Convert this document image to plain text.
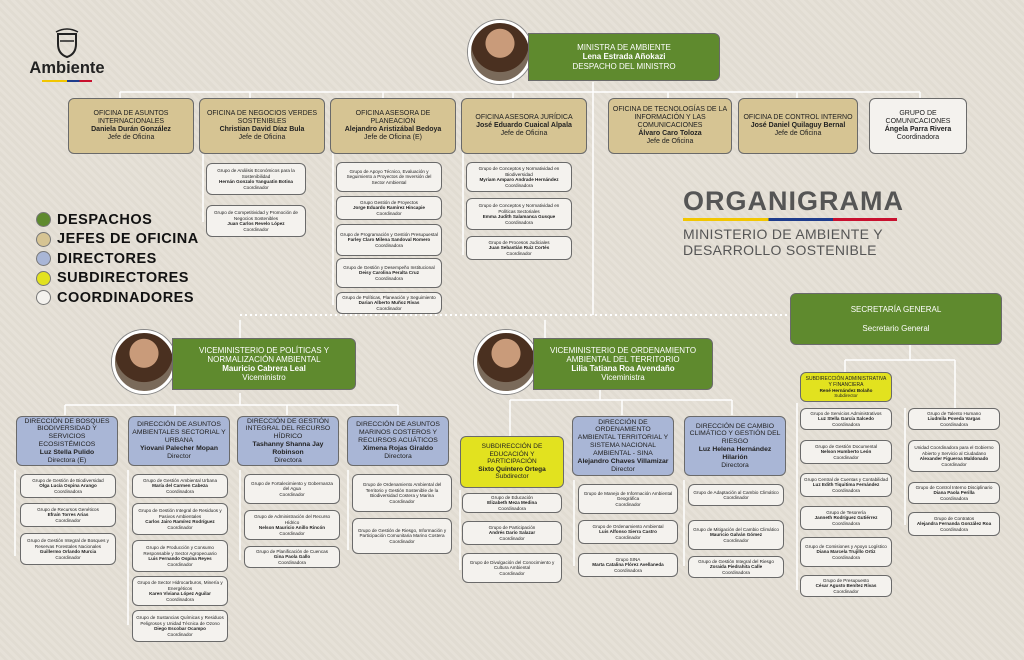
Ambiente
DESPACHOS
JEFES DE OFICINA
DIRECTORES
SUBDIRECTORES
COORDINADORES
ORGANIGRAMA
MINISTERIO DE AMBIENTE Y
DESARROLLO SOSTENIBLE
MINISTRA DE AMBIENTE
Lena Estrada Añokazi
DESPACHO DEL MINISTRO
SECRETARÍA GENERAL
Secretario General
SUBDIRECCIÓN ADMINISTRATIVA Y FINANCIERA
René Hernández Bolaño
Subdirector
VICEMINISTERIO DE POLÍTICAS Y NORMALIZACIÓN AMBIENTAL
Mauricio Cabrera Leal
Viceministro
VICEMINISTERIO DE ORDENAMIENTO AMBIENTAL DEL TERRITORIO
Lilia Tatiana Roa Avendaño
Viceministra
SUBDIRECCIÓN DE EDUCACIÓN Y PARTICIPACIÓN
Sixto Quintero Ortega
Subdirector
OFICINA DE ASUNTOS INTERNACIONALES
Daniela Durán González
Jefe de Oficina
OFICINA DE NEGOCIOS VERDES SOSTENIBLES
Christian David Díaz Bula
Jefe de Oficina
OFICINA ASESORA DE PLANEACIÓN
Alejandro Aristizábal Bedoya
Jefe de Oficina (E)
OFICINA ASESORA JURÍDICA
José Eduardo Cuaical Alpala
Jefe de Oficina
OFICINA DE TECNOLOGÍAS DE LA INFORMACIÓN Y LAS COMUNICACIONES
Álvaro Caro Toloza
Jefe de Oficina
OFICINA DE CONTROL INTERNO
José Daniel Quilaguy Bernal
Jefe de Oficina
GRUPO DE COMUNICACIONES
Ángela Parra Rivera
Coordinadora
Grupo de Análisis Económicos para la Sostenibilidad
Hernán Gonzalo Yanguatin Botina
Coordinador
Grupo de Competitividad y Promoción de Negocios Sostenibles
Juan Carlos Revelo López
Coordinador
Grupo de Apoyo Técnico, Evaluación y Seguimiento a Proyectos de Inversión del Sector Ambiental
Grupo Gestión de Proyectos
Jorge Eduardo Ramírez Hincapie
Coordinador
Grupo de Programación y Gestión Presupuestal
Farley Claro Milena Sandoval Romero
Coordinadora
Grupo de Gestión y Desempeño Institucional
Deisy Carolina Peralta Cruz
Coordinadora
Grupo de Políticas, Planeación y Seguimiento
Darian Alberto Muñoz Rivas
Coordinador
Grupo de Conceptos y Normatividad en Biodiversidad
Myriam Amparo Andrade Hernández
Coordinadora
Grupo de Conceptos y Normatividad en Políticas Sectoriales
Emma Judith Salamanca Gusque
Coordinadora
Grupo de Procesos Judiciales
Juan Sebastián Ruiz Cortés
Coordinador
Grupo de Servicios Administrativos
Luz Stella García Salcedo
Coordinadora
Grupo de Gestión Documental
Nelson Humberto León
Coordinador
Grupo Central de Cuentas y Contabilidad
Luz Edith Tiquitima Fernández
Coordinadora
Grupo de Tesorería
Janneth Rodríguez Gutiérrez
Coordinadora
Grupo de Comisiones y Apoyo Logístico
Diana Marcela Trujillo Ortiz
Coordinadora
Grupo de Presupuesto
César Agusto Benítez Rivas
Coordinador
Grupo de Talento Humano
Liudmila Poveda Vargas
Coordinadora
Unidad Coordinadora para el Gobierno Abierto y Servicio al Ciudadano
Alexander Figueroa Maldonado
Coordinador
Grupo de Control Interno Disciplinario
Diana Paola Perilla
Coordinadora
Grupo de Contratos
Alejandra Fernanda González Roa
Coordinadora
Grupo de Gestión de Biodiversidad
Olga Lucía Ospina Arango
Coordinadora
Grupo de Recursos Genéticos
Efraín Torres Arias
Coordinador
Grupo de Gestión Integral de Bosques y Reservas Forestales Nacionales
Guillermo Orlando Murcia
Coordinador
Grupo de Gestión Ambiental Urbana
María del Carmen Cabeza
Coordinadora
Grupo de Gestión Integral de Residuos y Pasivos Ambientales
Carlos Jairo Ramírez Rodríguez
Coordinador
Grupo de Producción y Consumo Responsable y Sector Agropecuario
Luis Fernando Ospina Reyes
Coordinador
Grupo de Sector Hidrocarburos, Minería y Energéticos
Karen Viviana López Aguilar
Coordinadora
Grupo de Sustancias Químicas y Residuos Peligrosos y Unidad Técnica de Ozono
Diego Escobar Ocampo
Coordinador
Grupo de Fortalecimiento y Gobernanza del Agua
Coordinador
Grupo de Administración del Recurso Hídrico
Nelson Mauricio Anillo Rincón
Coordinador
Grupo de Planificación de Cuencas
Gina Paola Gallo
Coordinadora
Grupo de Ordenamiento Ambiental del Territorio y Gestión Sostenible de la Biodiversidad Costera y Marina
Coordinador
Grupo de Gestión de Riesgo, Información y Participación Comunitaria Marino Costera
Coordinador
Grupo de Educación
Elizabeth Meza Medina
Coordinadora
Grupo de Participación
Andrés Darío Salazar
Coordinador
Grupo de Divulgación del Conocimiento y Cultura Ambiental
Coordinador
Grupo de Manejo de Información Ambiental Geográfica
Coordinador
Grupo de Ordenamiento Ambiental
Luis Alfonso Sierra Castro
Coordinador
Grupo SINA
Marta Catalina Flórez Avellaneda
Coordinadora
Grupo de Adaptación al Cambio Climático
Coordinador
Grupo de Mitigación del Cambio Climático
Mauricio Galván Gómez
Coordinador
Grupo de Gestión Integral del Riesgo
Zoraida Piedrahita Calle
Coordinadora
DIRECCIÓN DE BOSQUES BIODIVERSIDAD Y SERVICIOS ECOSISTÉMICOS
Luz Stella Pulido
Directora (E)
DIRECCIÓN DE ASUNTOS AMBIENTALES SECTORIAL Y URBANA
Yiovani Palecher Mopan
Director
DIRECCIÓN DE GESTIÓN INTEGRAL DEL RECURSO HÍDRICO
Tashanny Shanna Jay Robinson
Directora
DIRECCIÓN DE ASUNTOS MARINOS COSTEROS Y RECURSOS ACUÁTICOS
Ximena Rojas Giraldo
Directora
DIRECCIÓN DE ORDENAMIENTO AMBIENTAL TERRITORIAL Y SISTEMA NACIONAL AMBIENTAL - SINA
Alejandro Chaves Villamizar
Director
DIRECCIÓN DE CAMBIO CLIMÁTICO Y GESTIÓN DEL RIESGO
Luz Helena Hernández Hilarión
Directora
